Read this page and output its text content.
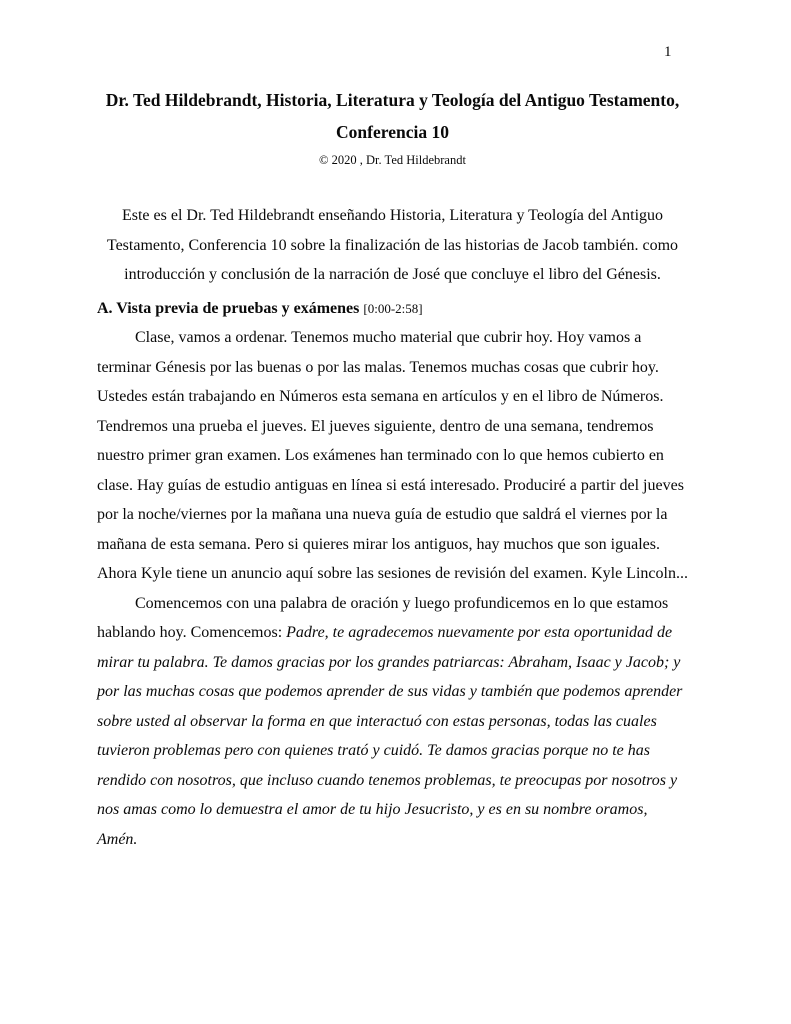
1
Dr. Ted Hildebrandt, Historia, Literatura y Teología del Antiguo Testamento, Conferencia 10
© 2020 , Dr. Ted Hildebrandt

Este es el Dr. Ted Hildebrandt enseñando Historia, Literatura y Teología del Antiguo Testamento, Conferencia 10 sobre la finalización de las historias de Jacob también. como introducción y conclusión de la narración de José que concluye el libro del Génesis.

A. Vista previa de pruebas y exámenes [0:00-2:58]

Clase, vamos a ordenar. Tenemos mucho material que cubrir hoy. Hoy vamos a terminar Génesis por las buenas o por las malas. Tenemos muchas cosas que cubrir hoy. Ustedes están trabajando en Números esta semana en artículos y en el libro de Números. Tendremos una prueba el jueves. El jueves siguiente, dentro de una semana, tendremos nuestro primer gran examen. Los exámenes han terminado con lo que hemos cubierto en clase. Hay guías de estudio antiguas en línea si está interesado. Produciré a partir del jueves por la noche/viernes por la mañana una nueva guía de estudio que saldrá el viernes por la mañana de esta semana. Pero si quieres mirar los antiguos, hay muchos que son iguales. Ahora Kyle tiene un anuncio aquí sobre las sesiones de revisión del examen. Kyle Lincoln...

Comencemos con una palabra de oración y luego profundicemos en lo que estamos hablando hoy. Comencemos: Padre, te agradecemos nuevamente por esta oportunidad de mirar tu palabra. Te damos gracias por los grandes patriarcas: Abraham, Isaac y Jacob; y por las muchas cosas que podemos aprender de sus vidas y también que podemos aprender sobre usted al observar la forma en que interactuó con estas personas, todas las cuales tuvieron problemas pero con quienes trató y cuidó. Te damos gracias porque no te has rendido con nosotros, que incluso cuando tenemos problemas, te preocupas por nosotros y nos amas como lo demuestra el amor de tu hijo Jesucristo, y es en su nombre oramos, Amén.
